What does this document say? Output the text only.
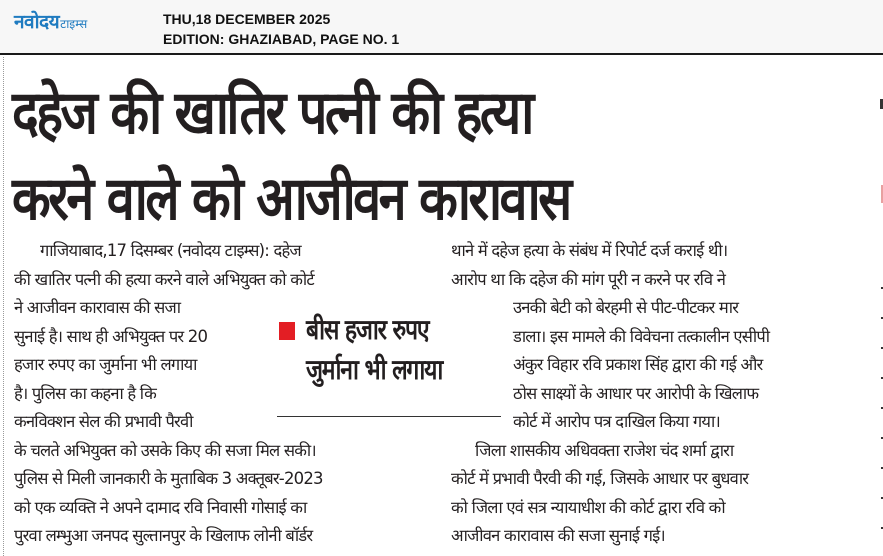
नवोदय टाइम्स	THU,18 DECEMBER 2025
EDITION: GHAZIABAD, PAGE NO. 1
दहेज की खातिर पत्नी की हत्या
करने वाले को आजीवन कारावास
गाजियाबाद,17 दिसम्बर (नवोदय टाइम्स): दहेज
की खातिर पत्नी की हत्या करने वाले अभियुक्त को कोर्ट
ने आजीवन कारावास की सजा
सुनाई है। साथ ही अभियुक्त पर 20
हजार रुपए का जुर्माना भी लगाया
है। पुलिस का कहना है कि
कनविक्शन सेल की प्रभावी पैरवी
के चलते अभियुक्त को उसके किए की सजा मिल सकी।
पुलिस से मिली जानकारी के मुताबिक 3 अक्तूबर-2023
को एक व्यक्ति ने अपने दामाद रवि निवासी गोसाई का
पुरवा लम्भुआ जनपद सुल्तानपुर के खिलाफ लोनी बॉर्डर
बीस हजार रुपए
जुर्माना भी लगाया
थाने में दहेज हत्या के संबंध में रिपोर्ट दर्ज कराई थी।
आरोप था कि दहेज की मांग पूरी न करने पर रवि ने
उनकी बेटी को बेरहमी से पीट-पीटकर मार
डाला। इस मामले की विवेचना तत्कालीन एसीपी
अंकुर विहार रवि प्रकाश सिंह द्वारा की गई और
ठोस साक्ष्यों के आधार पर आरोपी के खिलाफ
कोर्ट में आरोप पत्र दाखिल किया गया।
जिला शासकीय अधिवक्ता राजेश चंद शर्मा द्वारा
कोर्ट में प्रभावी पैरवी की गई, जिसके आधार पर बुधवार
को जिला एवं सत्र न्यायाधीश की कोर्ट द्वारा रवि को
आजीवन कारावास की सजा सुनाई गई।
